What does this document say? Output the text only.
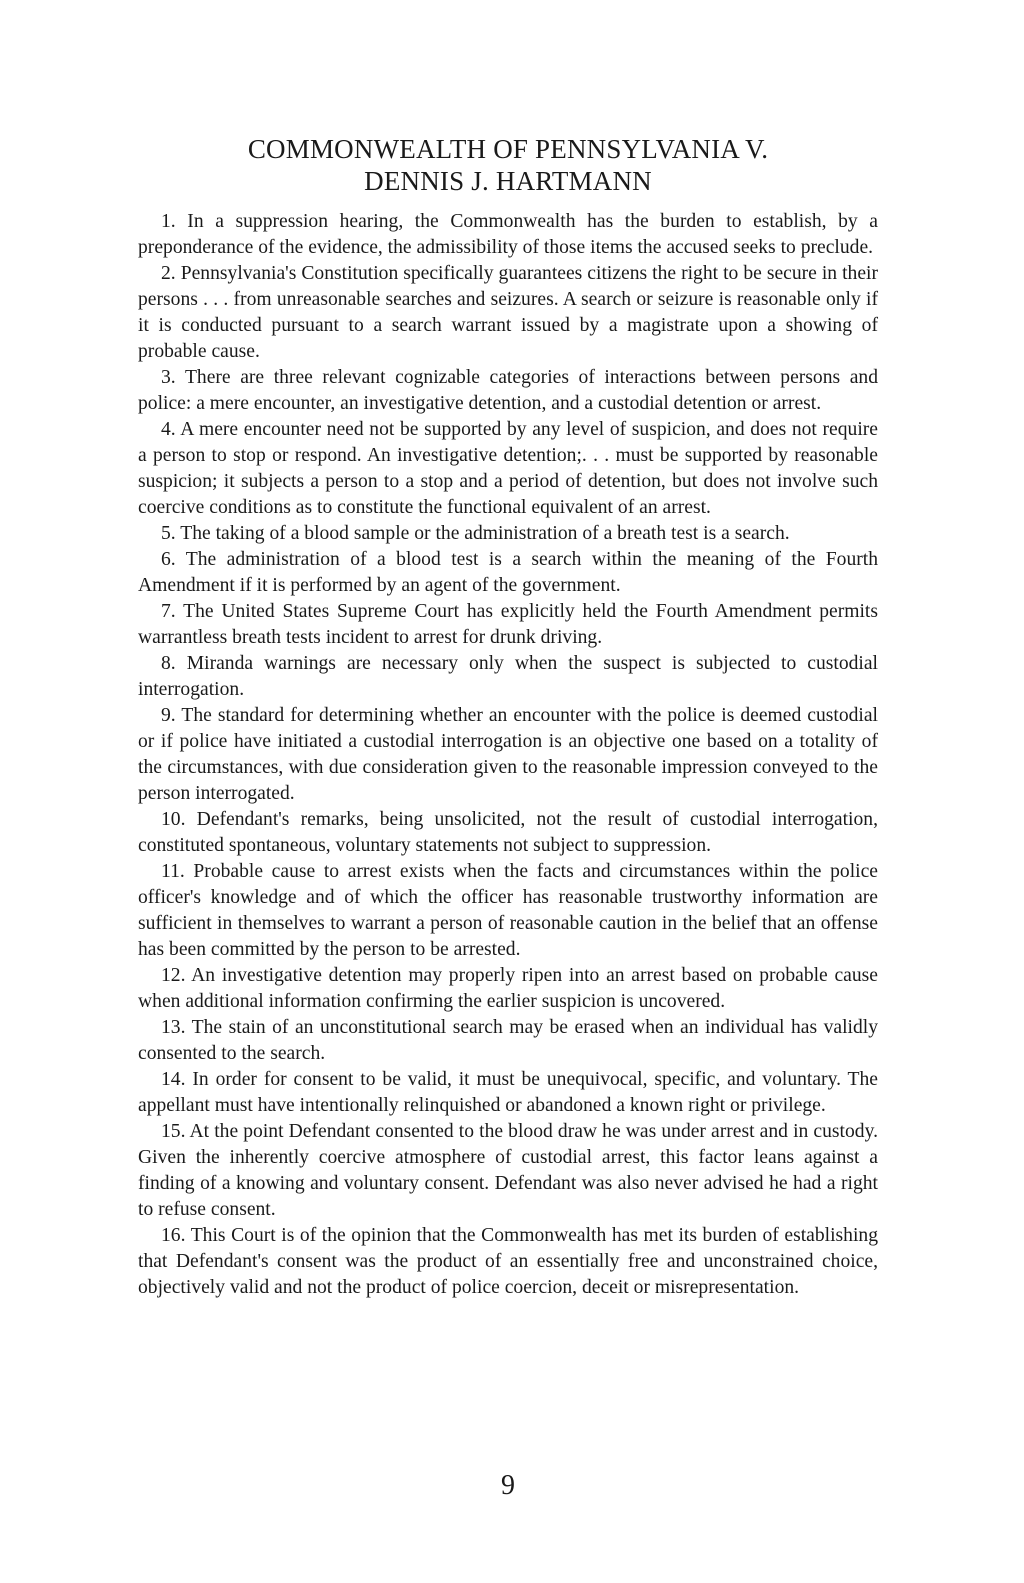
COMMONWEALTH OF PENNSYLVANIA V.
DENNIS J. HARTMANN

1. In a suppression hearing, the Commonwealth has the burden to establish, by a preponderance of the evidence, the admissibility of those items the accused seeks to preclude.

2. Pennsylvania's Constitution specifically guarantees citizens the right to be secure in their persons . . . from unreasonable searches and seizures. A search or seizure is reasonable only if it is conducted pursuant to a search warrant issued by a magistrate upon a showing of probable cause.

3. There are three relevant cognizable categories of interactions between persons and police: a mere encounter, an investigative detention, and a custodial detention or arrest.

4. A mere encounter need not be supported by any level of suspicion, and does not require a person to stop or respond. An investigative detention;. . . must be supported by reasonable suspicion; it subjects a person to a stop and a period of detention, but does not involve such coercive conditions as to constitute the functional equivalent of an arrest.

5. The taking of a blood sample or the administration of a breath test is a search.

6. The administration of a blood test is a search within the meaning of the Fourth Amendment if it is performed by an agent of the government.

7. The United States Supreme Court has explicitly held the Fourth Amendment permits warrantless breath tests incident to arrest for drunk driving.

8. Miranda warnings are necessary only when the suspect is subjected to custodial interrogation.

9. The standard for determining whether an encounter with the police is deemed custodial or if police have initiated a custodial interrogation is an objective one based on a totality of the circumstances, with due consideration given to the reasonable impression conveyed to the person interrogated.

10. Defendant's remarks, being unsolicited, not the result of custodial interrogation, constituted spontaneous, voluntary statements not subject to suppression.

11. Probable cause to arrest exists when the facts and circumstances within the police officer's knowledge and of which the officer has reasonable trustworthy information are sufficient in themselves to warrant a person of reasonable caution in the belief that an offense has been committed by the person to be arrested.

12. An investigative detention may properly ripen into an arrest based on probable cause when additional information confirming the earlier suspicion is uncovered.

13. The stain of an unconstitutional search may be erased when an individual has validly consented to the search.

14. In order for consent to be valid, it must be unequivocal, specific, and voluntary. The appellant must have intentionally relinquished or abandoned a known right or privilege.

15. At the point Defendant consented to the blood draw he was under arrest and in custody. Given the inherently coercive atmosphere of custodial arrest, this factor leans against a finding of a knowing and voluntary consent. Defendant was also never advised he had a right to refuse consent.

16. This Court is of the opinion that the Commonwealth has met its burden of establishing that Defendant's consent was the product of an essentially free and unconstrained choice, objectively valid and not the product of police coercion, deceit or misrepresentation.

9
